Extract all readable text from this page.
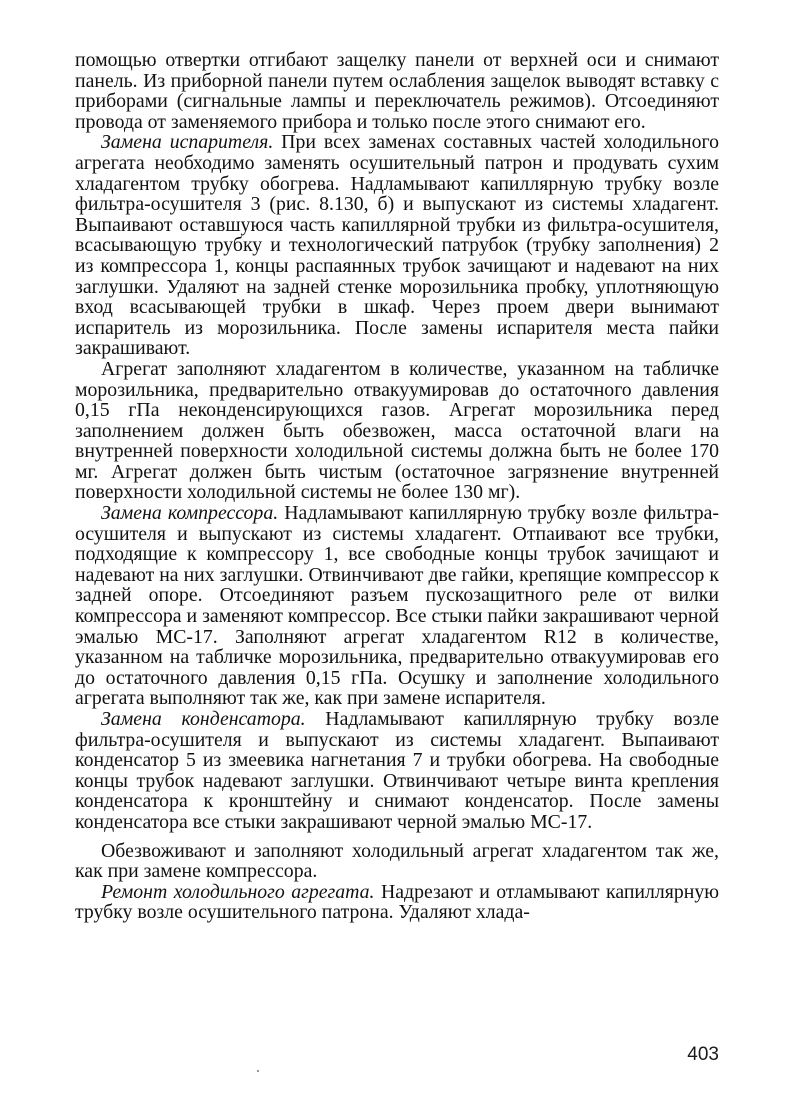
помощью отвертки отгибают защелку панели от верхней оси и снимают панель. Из приборной панели путем ослабления защелок выводят вставку с приборами (сигнальные лампы и переключатель режимов). Отсоединяют провода от заменяемого прибора и только после этого снимают его.

Замена испарителя. При всех заменах составных частей холодильного агрегата необходимо заменять осушительный патрон и продувать сухим хладагентом трубку обогрева. Надламывают капиллярную трубку возле фильтра-осушителя 3 (рис. 8.130, б) и выпускают из системы хладагент. Выпаивают оставшуюся часть капиллярной трубки из фильтра-осушителя, всасывающую трубку и технологический патрубок (трубку заполнения) 2 из компрессора 1, концы распаянных трубок зачищают и надевают на них заглушки. Удаляют на задней стенке морозильника пробку, уплотняющую вход всасывающей трубки в шкаф. Через проем двери вынимают испаритель из морозильника. После замены испарителя места пайки закрашивают.

Агрегат заполняют хладагентом в количестве, указанном на табличке морозильника, предварительно отвакуумировав до остаточного давления 0,15 гПа неконденсирующихся газов. Агрегат морозильника перед заполнением должен быть обезвожен, масса остаточной влаги на внутренней поверхности холодильной системы должна быть не более 170 мг. Агрегат должен быть чистым (остаточное загрязнение внутренней поверхности холодильной системы не более 130 мг).

Замена компрессора. Надламывают капиллярную трубку возле фильтра-осушителя и выпускают из системы хладагент. Отпаивают все трубки, подходящие к компрессору 1, все свободные концы трубок зачищают и надевают на них заглушки. Отвинчивают две гайки, крепящие компрессор к задней опоре. Отсоединяют разъем пускозащитного реле от вилки компрессора и заменяют компрессор. Все стыки пайки закрашивают черной эмалью МС-17. Заполняют агрегат хладагентом R12 в количестве, указанном на табличке морозильника, предварительно отвакуумировав его до остаточного давления 0,15 гПа. Осушку и заполнение холодильного агрегата выполняют так же, как при замене испарителя.

Замена конденсатора. Надламывают капиллярную трубку возле фильтра-осушителя и выпускают из системы хладагент. Выпаивают конденсатор 5 из змеевика нагнетания 7 и трубки обогрева. На свободные концы трубок надевают заглушки. Отвинчивают четыре винта крепления конденсатора к кронштейну и снимают конденсатор. После замены конденсатора все стыки закрашивают черной эмалью МС-17.

Обезвоживают и заполняют холодильный агрегат хладагентом так же, как при замене компрессора.

Ремонт холодильного агрегата. Надрезают и отламывают капиллярную трубку возле осушительного патрона. Удаляют хлада-

403
